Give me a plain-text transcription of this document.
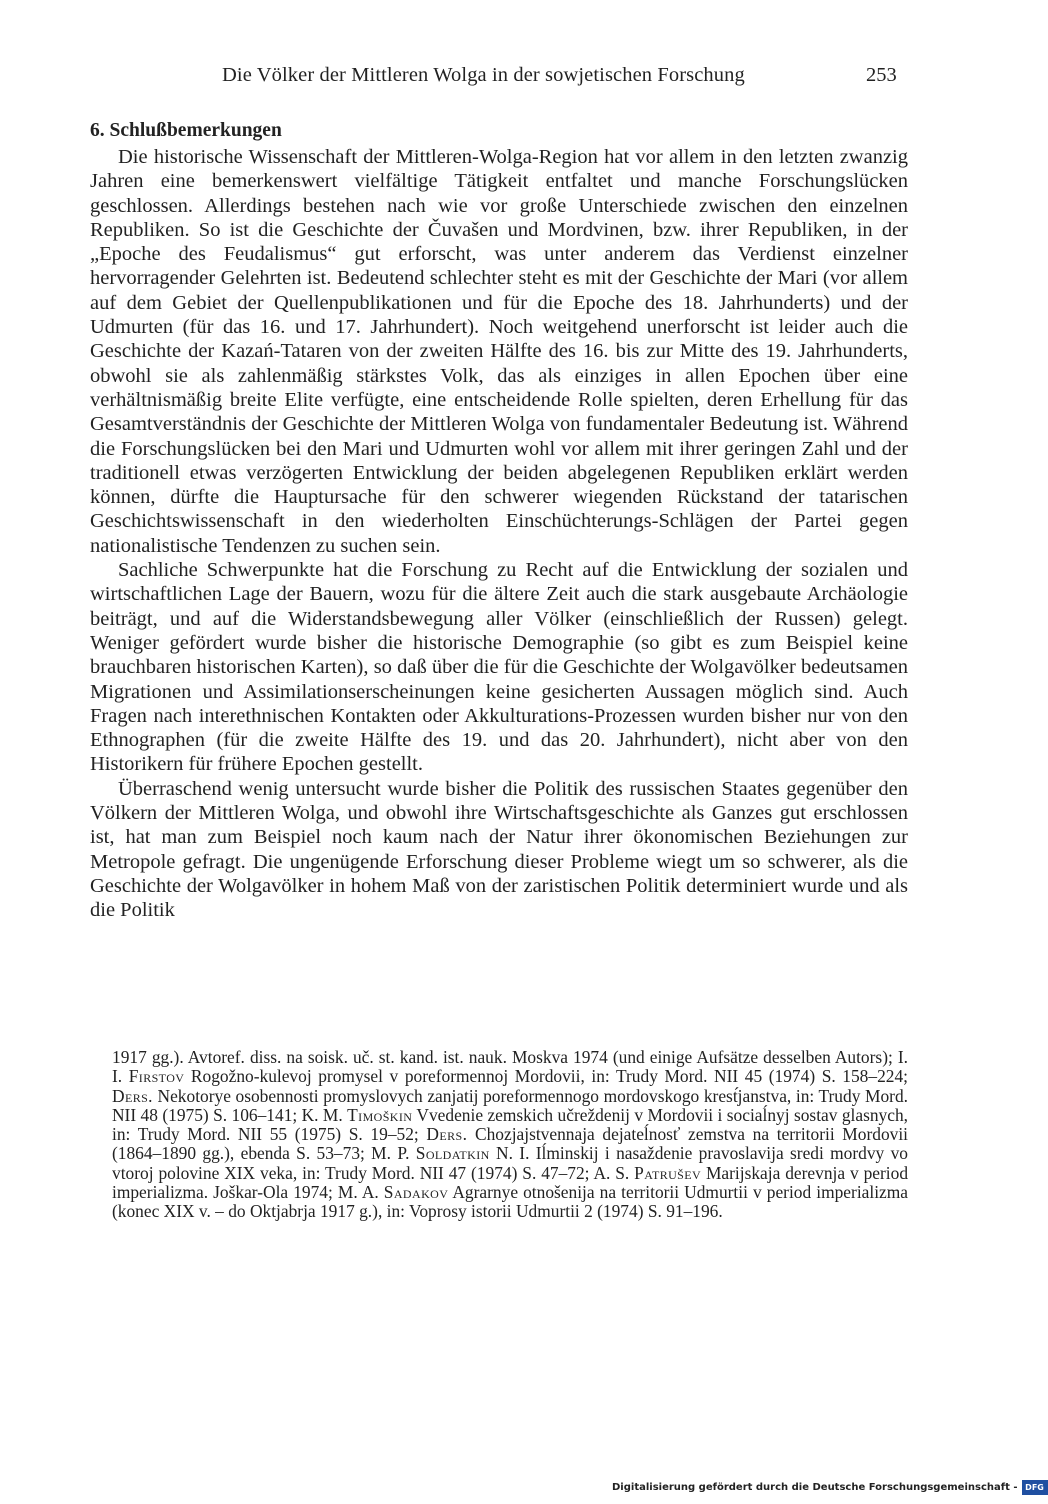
Die Völker der Mittleren Wolga in der sowjetischen Forschung	253
6. Schlußbemerkungen

Die historische Wissenschaft der Mittleren-Wolga-Region hat vor allem in den letzten zwanzig Jahren eine bemerkenswert vielfältige Tätigkeit entfaltet und manche Forschungslücken geschlossen. Allerdings bestehen nach wie vor große Unterschiede zwischen den einzelnen Republiken. So ist die Geschichte der Čuvašen und Mordvinen, bzw. ihrer Republiken, in der „Epoche des Feudalismus“ gut erforscht, was unter anderem das Verdienst einzelner hervorragender Gelehrten ist. Bedeutend schlechter steht es mit der Geschichte der Mari (vor allem auf dem Gebiet der Quellenpublikationen und für die Epoche des 18. Jahrhunderts) und der Udmurten (für das 16. und 17. Jahrhundert). Noch weitgehend unerforscht ist leider auch die Geschichte der Kazań-Tataren von der zweiten Hälfte des 16. bis zur Mitte des 19. Jahrhunderts, obwohl sie als zahlenmäßig stärkstes Volk, das als einziges in allen Epochen über eine verhältnismäßig breite Elite verfügte, eine entscheidende Rolle spielten, deren Erhellung für das Gesamtverständnis der Geschichte der Mittleren Wolga von fundamentaler Bedeutung ist. Während die Forschungslücken bei den Mari und Udmurten wohl vor allem mit ihrer geringen Zahl und der traditionell etwas verzögerten Entwicklung der beiden abgelegenen Republiken erklärt werden können, dürfte die Hauptursache für den schwerer wiegenden Rückstand der tatarischen Geschichtswissenschaft in den wiederholten Einschüchterungs-Schlägen der Partei gegen nationalistische Tendenzen zu suchen sein.

Sachliche Schwerpunkte hat die Forschung zu Recht auf die Entwicklung der sozialen und wirtschaftlichen Lage der Bauern, wozu für die ältere Zeit auch die stark ausgebaute Archäologie beiträgt, und auf die Widerstandsbewegung aller Völker (einschließlich der Russen) gelegt. Weniger gefördert wurde bisher die historische Demographie (so gibt es zum Beispiel keine brauchbaren historischen Karten), so daß über die für die Geschichte der Wolgavölker bedeutsamen Migrationen und Assimilationserscheinungen keine gesicherten Aussagen möglich sind. Auch Fragen nach interethnischen Kontakten oder Akkulturations-Prozessen wurden bisher nur von den Ethnographen (für die zweite Hälfte des 19. und das 20. Jahrhundert), nicht aber von den Historikern für frühere Epochen gestellt.

Überraschend wenig untersucht wurde bisher die Politik des russischen Staates gegenüber den Völkern der Mittleren Wolga, und obwohl ihre Wirtschaftsgeschichte als Ganzes gut erschlossen ist, hat man zum Beispiel noch kaum nach der Natur ihrer ökonomischen Beziehungen zur Metropole gefragt. Die ungenügende Erforschung dieser Probleme wiegt um so schwerer, als die Geschichte der Wolgavölker in hohem Maß von der zaristischen Politik determiniert wurde und als die Politik

1917 gg.). Avtoref. diss. na soisk. uč. st. kand. ist. nauk. Moskva 1974 (und einige Aufsätze desselben Autors); I. I. Firstov Rogožno-kulevoj promysel v poreformennoj Mordovii, in: Trudy Mord. NII 45 (1974) S. 158–224; Ders. Nekotorye osobennosti promyslovych zanjatij poreformennogo mordovskogo krest́janstva, in: Trudy Mord. NII 48 (1975) S. 106–141; K. M. Timoškin Vvedenie zemskich učreždenij v Mordovii i sociaĺnyj sostav glasnych, in: Trudy Mord. NII 55 (1975) S. 19–52; Ders. Chozjajstvennaja dejateĺnosť zemstva na territorii Mordovii (1864–1890 gg.), ebenda S. 53–73; M. P. Soldatkin N. I. Iĺminskij i nasaždenie pravoslavija sredi mordvy vo vtoroj polovine XIX veka, in: Trudy Mord. NII 47 (1974) S. 47–72; A. S. Patrušev Marijskaja derevnja v period imperializma. Joškar-Ola 1974; M. A. Sadakov Agrarnye otnošenija na territorii Udmurtii v period imperializma (konec XIX v. – do Oktjabrja 1917 g.), in: Voprosy istorii Udmurtii 2 (1974) S. 91–196.

Digitalisierung gefördert durch die Deutsche Forschungsgemeinschaft - DFG
